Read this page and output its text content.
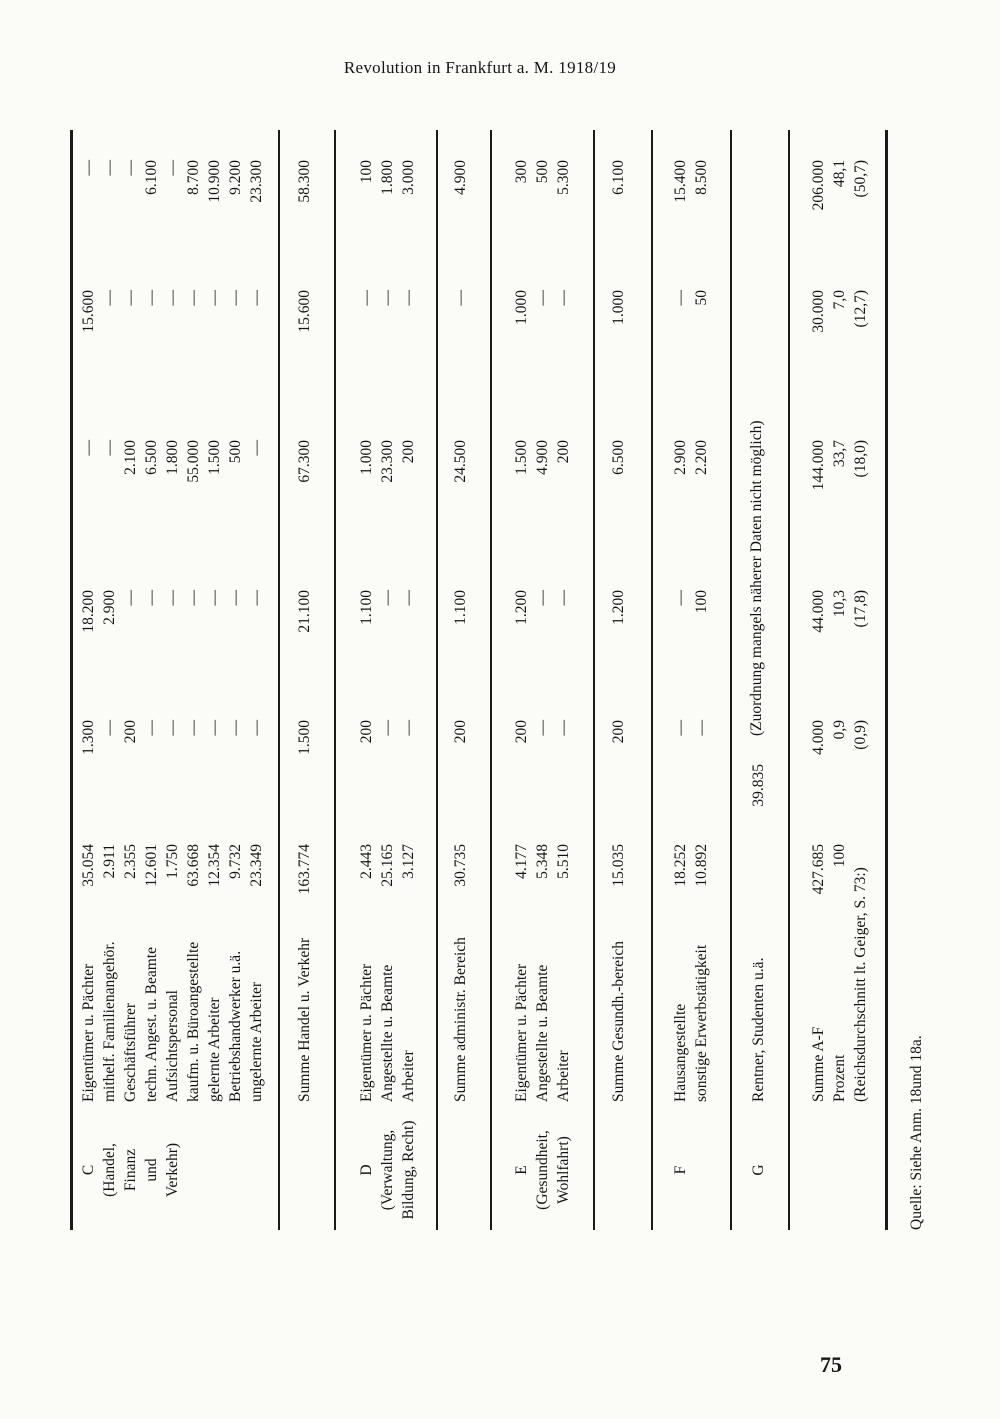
Revolution in Frankfurt a. M. 1918/19
75
C (Handel, Finanz und Verkehr)
Eigentümer u. Pächter mithelf. Familienangehör. Geschäftsführer techn. Angest. u. Beamte Aufsichtspersonal kaufm. u. Büroangestellte gelernte Arbeiter Betriebshandwerker u.ä. ungelernte Arbeiter
35.054 2.911 2.355 12.601 1.750 63.668 12.354 9.732 23.349
1.300 — 200 — — — — — —
18.200 2.900 — — — — — — —
— — 2.100 6.500 1.800 55.000 1.500 500 —
15.600 — — — — — — — —
— — — 6.100 — 8.700 10.900 9.200 23.300
Summe Handel u. Verkehr
163.774
1.500
21.100
67.300
15.600
58.300
D (Verwaltung, Bildung, Recht)
Eigentümer u. Pächter Angestellte u. Beamte Arbeiter
2.443 25.165 3.127
200 — —
1.100 — —
1.000 23.300 200
— — —
100 1.800 3.000
Summe administr. Bereich
30.735
200
1.100
24.500
—
4.900
E (Gesundheit, Wohlfahrt)
Eigentümer u. Pächter Angestellte u. Beamte Arbeiter
4.177 5.348 5.510
200 — —
1.200 — —
1.500 4.900 200
1.000 — —
300 500 5.300
Summe Gesundh.-bereich
15.035
200
1.200
6.500
1.000
6.100
F
Hausangestellte sonstige Erwerbstätigkeit
18.252 10.892
— —
— 100
2.900 2.200
— 50
15.400 8.500
G
Rentner, Studenten u.ä.
39.835
(Zuordnung mangels näherer Daten nicht möglich)
Summe A-F Prozent (Reichsdurchschnitt lt. Geiger, S. 73:)
427.685 100

4.000 0,9 (0,9)
44.000 10,3 (17,8)
144.000 33,7 (18,0)
30.000 7,0 (12,7)
206.000 48,1 (50,7)
Quelle: Siehe Anm. 18und 18a.
